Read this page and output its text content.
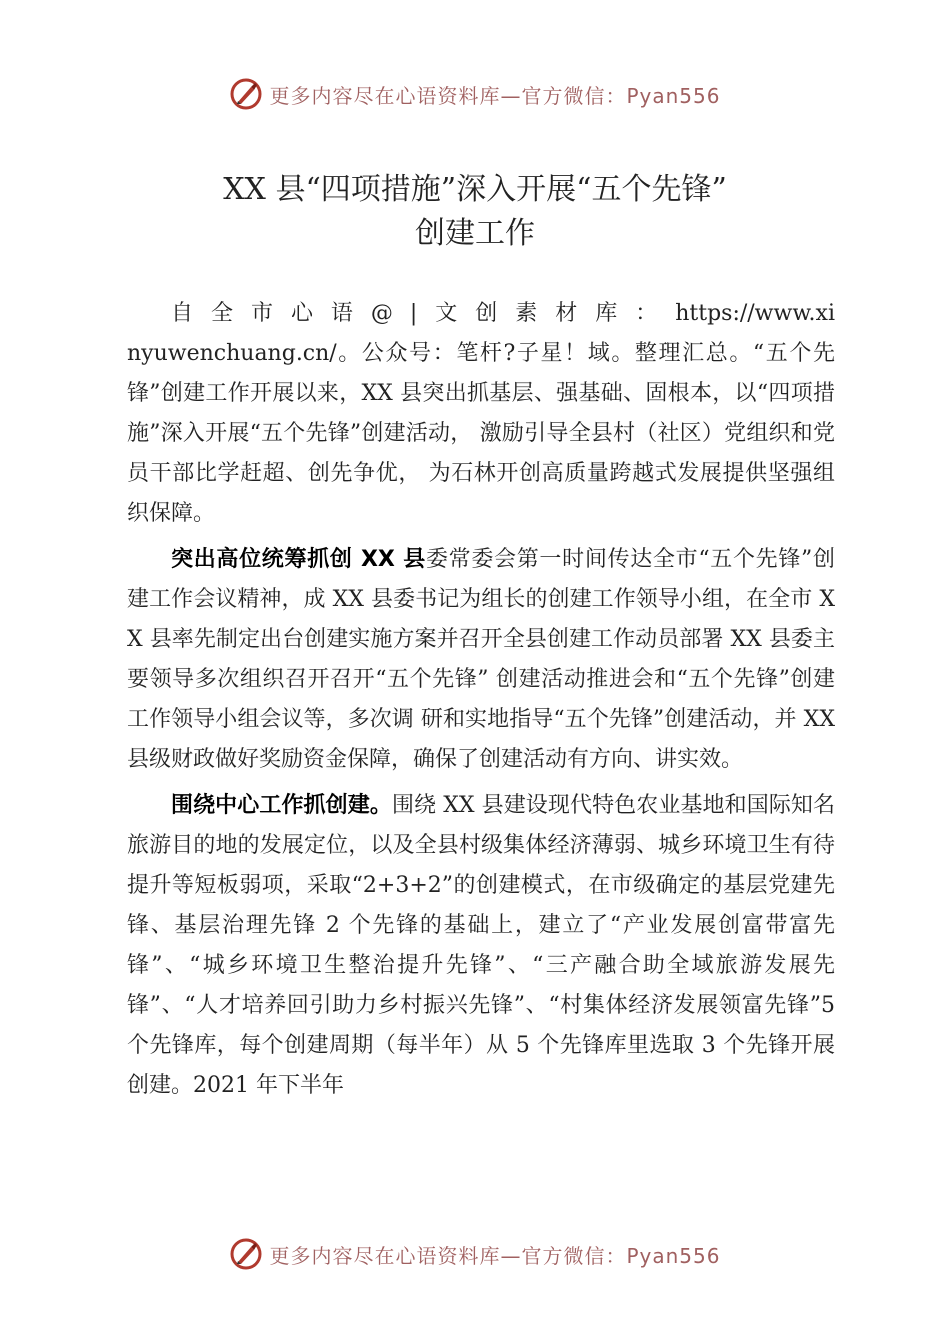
更多内容尽在心语资料库—官方微信：Pyan556
XX 县“四项措施”深入开展“五个先锋”
创建工作

自全市心语@|文创素材库：https://www.xinyuwenchuang.cn/。公众号：笔杆?子星！域。整理汇总。“五个先锋”创建工作开展以来，XX 县突出抓基层、强基础、固根本，以“四项措施”深入开展“五个先锋”创建活动， 激励引导全县村（社区）党组织和党员干部比学赶超、创先争优， 为石林开创高质量跨越式发展提供坚强组织保障。

突出高位统筹抓创 XX 县委常委会第一时间传达全市“五个先锋”创建工作会议精神，成 XX 县委书记为组长的创建工作领导小组，在全市 XX 县率先制定出台创建实施方案并召开全县创建工作动员部署 XX 县委主要领导多次组织召开召开“五个先锋” 创建活动推进会和“五个先锋”创建工作领导小组会议等，多次调 研和实地指导“五个先锋”创建活动，并 XX 县级财政做好奖励资金保障，确保了创建活动有方向、讲实效。

围绕中心工作抓创建。围绕 XX 县建设现代特色农业基地和国际知名旅游目的地的发展定位，以及全县村级集体经济薄弱、城乡环境卫生有待提升等短板弱项，采取“2+3+2”的创建模式，在市级确定的基层党建先锋、基层治理先锋 2 个先锋的基础上，建立了“产业发展创富带富先锋”、“城乡环境卫生整治提升先锋”、“三产融合助全域旅游发展先锋”、“人才培养回引助力乡村振兴先锋”、“村集体经济发展领富先锋”5 个先锋库，每个创建周期（每半年）从 5 个先锋库里选取 3 个先锋开展创建。2021 年下半年

更多内容尽在心语资料库—官方微信：Pyan556
